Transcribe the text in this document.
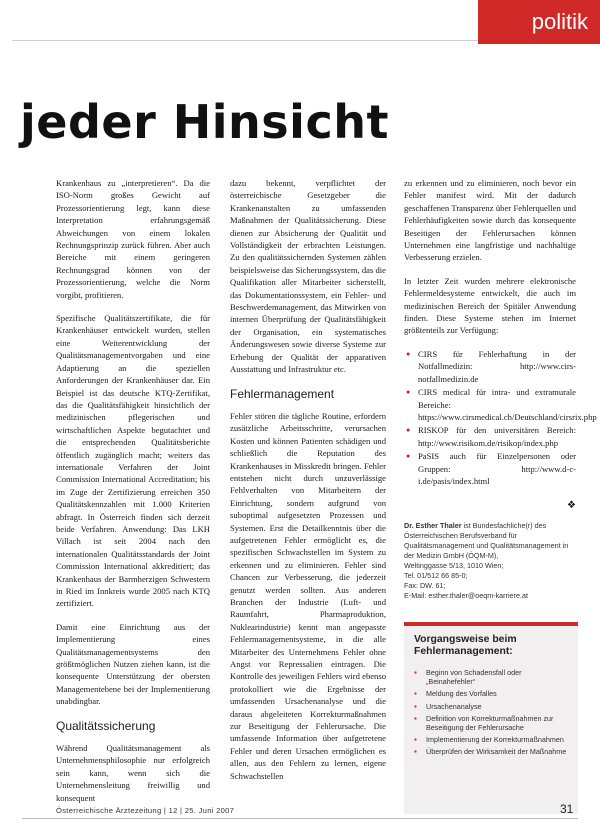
politik
jeder Hinsicht

Krankenhaus zu „interpretieren“. Da die ISO-Norm großes Gewicht auf Prozessorientierung legt, kann diese Interpretation erfahrungsgemäß Abweichungen von einem lokalen Rechnungsprinzip zurück führen. Aber auch Bereiche mit einem geringeren Rechnungsgrad können von der Prozessorientierung, welche die Norm vorgibt, profitieren.

Spezifische Qualitätszertifikate, die für Krankenhäuser entwickelt wurden, stellen eine Weiterentwicklung der Qualitätsmanagementvorgaben und eine Adaptierung an die speziellen Anforderungen der Krankenhäuser dar. Ein Beispiel ist das deutsche KTQ-Zertifikat, das die Qualitätsfähigkeit hinsichtlich der medizinischen pflegerischen und wirtschaftlichen Aspekte begutachtet und die entsprechenden Qualitätsberichte öffentlich zugänglich macht; weiters das internationale Verfahren der Joint Commission International Accreditation; bis im Zuge der Zertifizierung erreichen 350 Qualitätskennzahlen mit 1.000 Kriterien abfragt. In Österreich finden sich derzeit beide Verfahren. Anwendung: Das LKH Villach ist seit 2004 nach den internationalen Qualitätsstandards der Joint Commission International akkreditiert; das Krankenhaus der Barmherzigen Schwestern in Ried im Innkreis wurde 2005 nach KTQ zertifiziert.

Damit eine Einrichtung aus der Implementierung eines Qualitätsmanagementsystems den größtmöglichen Nutzen ziehen kann, ist die konsequente Unterstützung der obersten Managementebene bei der Implementierung unabdingbar.

Qualitätssicherung

Während Qualitätsmanagement als Unternehmensphilosophie nur erfolgreich sein kann, wenn sich die Unternehmensleitung freiwillig und konsequent

dazu bekennt, verpflichtet der österreichische Gesetzgeber die Krankenanstalten zu umfassenden Maßnahmen der Qualitätssicherung. Diese dienen zur Absicherung der Qualität und Vollständigkeit der erbrachten Leistungen. Zu den qualitätssichernden Systemen zählen beispielsweise das Sicherungssystem, das die Qualifikation aller Mitarbeiter sicherstellt, das Dokumentationssystem, ein Fehler- und Beschwerdemanagement, das Mitwirken von internen Überprüfung der Qualitätsfähigkeit der Organisation, ein systematisches Änderungswesen sowie diverse Systeme zur Erhebung der Qualität der apparativen Ausstattung und Infrastruktur etc.

Fehlermanagement

Fehler stören die tägliche Routine, erfordern zusätzliche Arbeitsschritte, verursachen Kosten und können Patienten schädigen und schließlich die Reputation des Krankenhauses in Misskredit bringen. Fehler entstehen nicht durch unzuverlässige Fehlverhalten von Mitarbeitern der Einrichtung, sondern aufgrund von suboptimal aufgesetzten Prozessen und Systemen. Erst die Detailkenntnis über die aufgetretenen Fehler ermöglicht es, die spezifischen Schwachstellen im System zu erkennen und zu eliminieren. Fehler sind Chancen zur Verbesserung, die jederzeit genutzt werden sollten. Aus anderen Branchen der Industrie (Luft- und Raumfahrt, Pharmaproduktion, Nuklearindustrie) kennt man angepasste Fehlermanagementsysteme, in die alle Mitarbeiter des Unternehmens Fehler ohne Angst vor Repressalien eintragen. Die Kontrolle des jeweiligen Fehlers wird ebenso protokolliert wie die Ergebnisse der umfassenden Ursachenanalyse und die daraus abgeleiteten Korrekturmaßnahmen zur Beseitigung der Fehlerursache. Die umfassende Information über aufgetretene Fehler und deren Ursachen ermöglichen es allen, aus den Fehlern zu lernen, eigene Schwachstellen

zu erkennen und zu eliminieren, noch bevor ein Fehler manifest wird. Mit der dadurch geschaffenen Transparenz über Fehlerquellen und Fehlerhäufigkeiten sowie durch das konsequente Beseitigen der Fehlerursachen können Unternehmen eine langfristige und nachhaltige Verbesserung erzielen.

In letzter Zeit wurden mehrere elektronische Fehlermeldesysteme entwickelt, die auch im medizinischen Bereich der Spitäler Anwendung finden. Diese Systeme stehen im Internet größtenteils zur Verfügung:

● CIRS für Fehlerhaftung in der Notfallmedizin: http://www.cirs-notfallmedizin.de
● CIRS medical für intra- und extramurale Bereiche: https://www.cirsmedical.ch/Deutschland/cirsrix.php
● RISKOP für den universitären Bereich: http://www.risikom.de/risikop/index.php
● PaSIS auch für Einzelpersonen oder Gruppen: http://www.d-c-i.de/pasis/index.html
❖
Dr. Esther Thaler ist Bundesfachliche(r) des Österreichischen Berufsverband für Qualitätsmanagement und Qualitätsmanagement in der Medizin GmbH (ÖQM-M),
Weltinggasse 5/13, 1010 Wien;
Tel. 01/512 66 85-0;
Fax: DW. 61;
E-Mail: esther.thaler@oeqm-karriere.at
Vorgangsweise beim Fehlermanagement:
▪ Beginn von Schadensfall oder „Beinahefehler“
▪ Meldung des Vorfalles
▪ Ursachenanalyse
▪ Definition von Korrekturmaßnahmen zur Beseitigung der Fehlerursache
▪ Implementierung der Korrekturmaßnahmen
▪ Überprüfen der Wirksamkeit der Maßnahme
Österreichische Ärztezeitung | 12 | 25. Juni 2007	31
